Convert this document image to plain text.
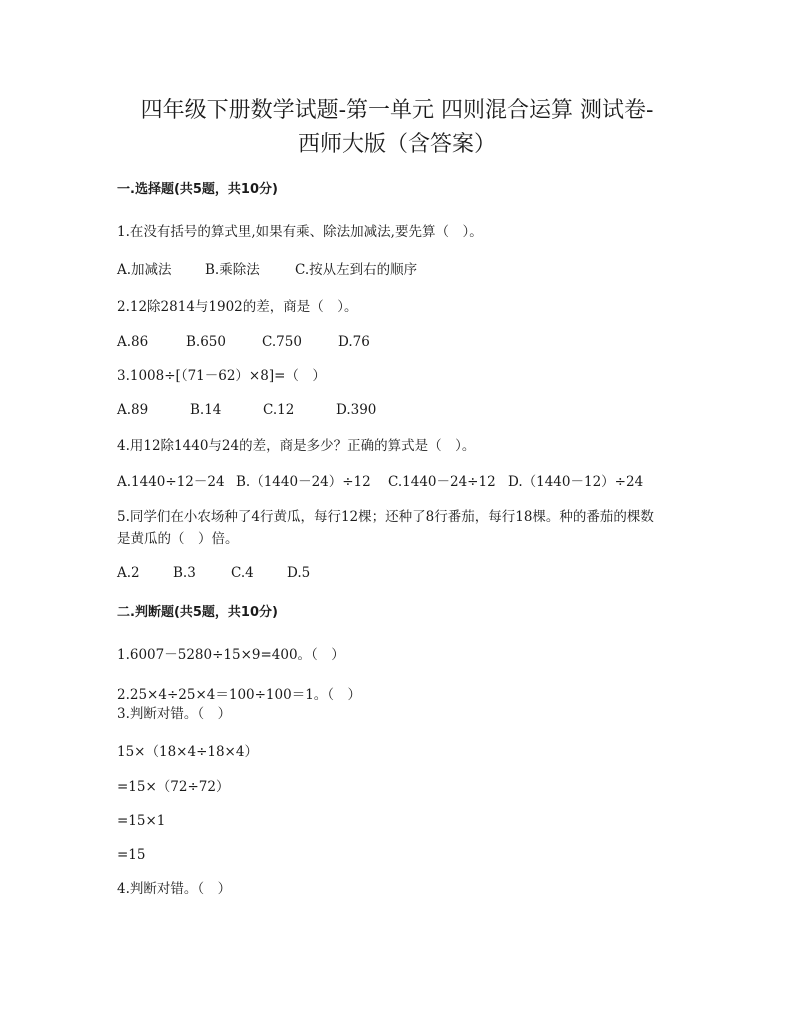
四年级下册数学试题-第一单元 四则混合运算 测试卷-
西师大版（含答案）

一.选择题(共5题，共10分)

1.在没有括号的算式里,如果有乘、除法加减法,要先算（　）。

A.加减法 B.乘除法	C.按从左到右的顺序

2.12除2814与1902的差，商是（　）。

A.86	B.650	C.750	D.76

3.1008÷[（71－62）×8]=（　）

A.89	B.14	C.12	D.390

4.用12除1440与24的差，商是多少？正确的算式是（　）。

A.1440÷12－24 B.（1440－24）÷12 C.1440－24÷12 D.（1440－12）÷24

5.同学们在小农场种了4行黄瓜，每行12棵；还种了8行番茄，每行18棵。种的番茄的棵数是黄瓜的（　）倍。

A.2 B.3	C.4 D.5

二.判断题(共5题，共10分)

1.6007－5280÷15×9=400。（　）

2.25×4÷25×4＝100÷100＝1。（　）

3.判断对错。（　）

15×（18×4÷18×4）

=15×（72÷72）

=15×1

=15

4.判断对错。（　）
